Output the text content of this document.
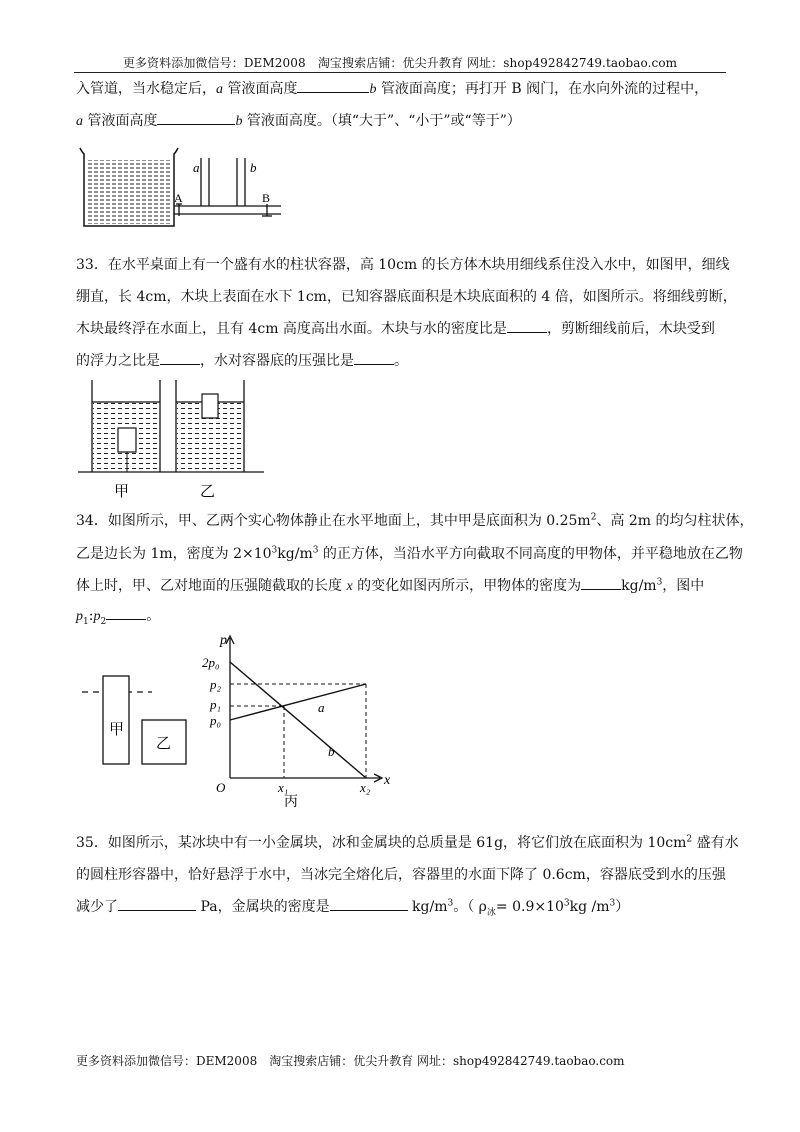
更多资料添加微信号：DEM2008　淘宝搜索店铺：优尖升教育 网址：shop492842749.taobao.com
入管道，当水稳定后，a 管液面高度	b 管液面高度；再打开 B 阀门，在水向外流的过程中，
a 管液面高度	b 管液面高度。（填“大于”、“小于”或“等于”）
a	b
A	B
33．在水平桌面上有一个盛有水的柱状容器，高 10cm 的长方体木块用细线系住没入水中，如图甲，细线
绷直，长 4cm，木块上表面在水下 1cm，已知容器底面积是木块底面积的 4 倍，如图所示。将细线剪断，
木块最终浮在水面上，且有 4cm 高度高出水面。木块与水的密度比是	，剪断细线前后，木块受到
的浮力之比是	，水对容器底的压强比是	。
甲	乙
34．如图所示，甲、乙两个实心物体静止在水平地面上，其中甲是底面积为 $0.25m^2$、高 2m 的均匀柱状体，
乙是边长为 1m，密度为 $2\times 10^3kg/m^3$ 的正方体，当沿水平方向截取不同高度的甲物体，并平稳地放在乙物
体上时，甲、乙对地面的压强随截取的长度 x 的变化如图丙所示，甲物体的密度为	$kg/m^3$，图中
$p_1:p_2$	。
甲
乙
p
x
O
2p₀
p₂
p₁
p₀
x₁	x₂
a
b
丙
35．如图所示，某冰块中有一小金属块，冰和金属块的总质量是 61g，将它们放在底面积为 $10cm^2$ 盛有水
的圆柱形容器中，恰好悬浮于水中，当冰完全熔化后，容器里的水面下降了 0.6cm，容器底受到水的压强
减少了	Pa，金属块的密度是	$kg/m^3$。（ $\rho_冰= 0.9\times 10^3kg$ $/m^3$）
更多资料添加微信号：DEM2008　淘宝搜索店铺：优尖升教育 网址：shop492842749.taobao.com
